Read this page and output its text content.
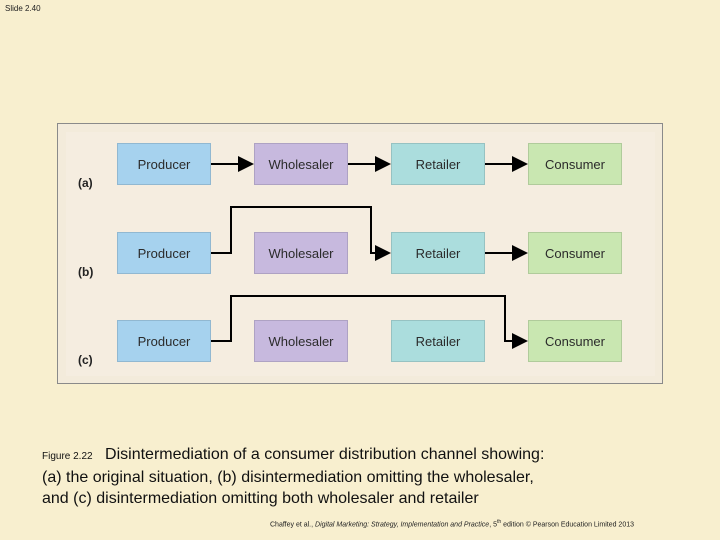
Slide 2.40
(a)
(b)
(c)
Producer	Wholesaler	Retailer	Consumer
Producer	Wholesaler	Retailer	Consumer
Producer	Wholesaler	Retailer	Consumer
Figure 2.22 Disintermediation of a consumer distribution channel showing:
(a) the original situation, (b) disintermediation omitting the wholesaler,
and (c) disintermediation omitting both wholesaler and retailer
Chaffey et al., Digital Marketing: Strategy, Implementation and Practice, 5th edition © Pearson Education Limited 2013
